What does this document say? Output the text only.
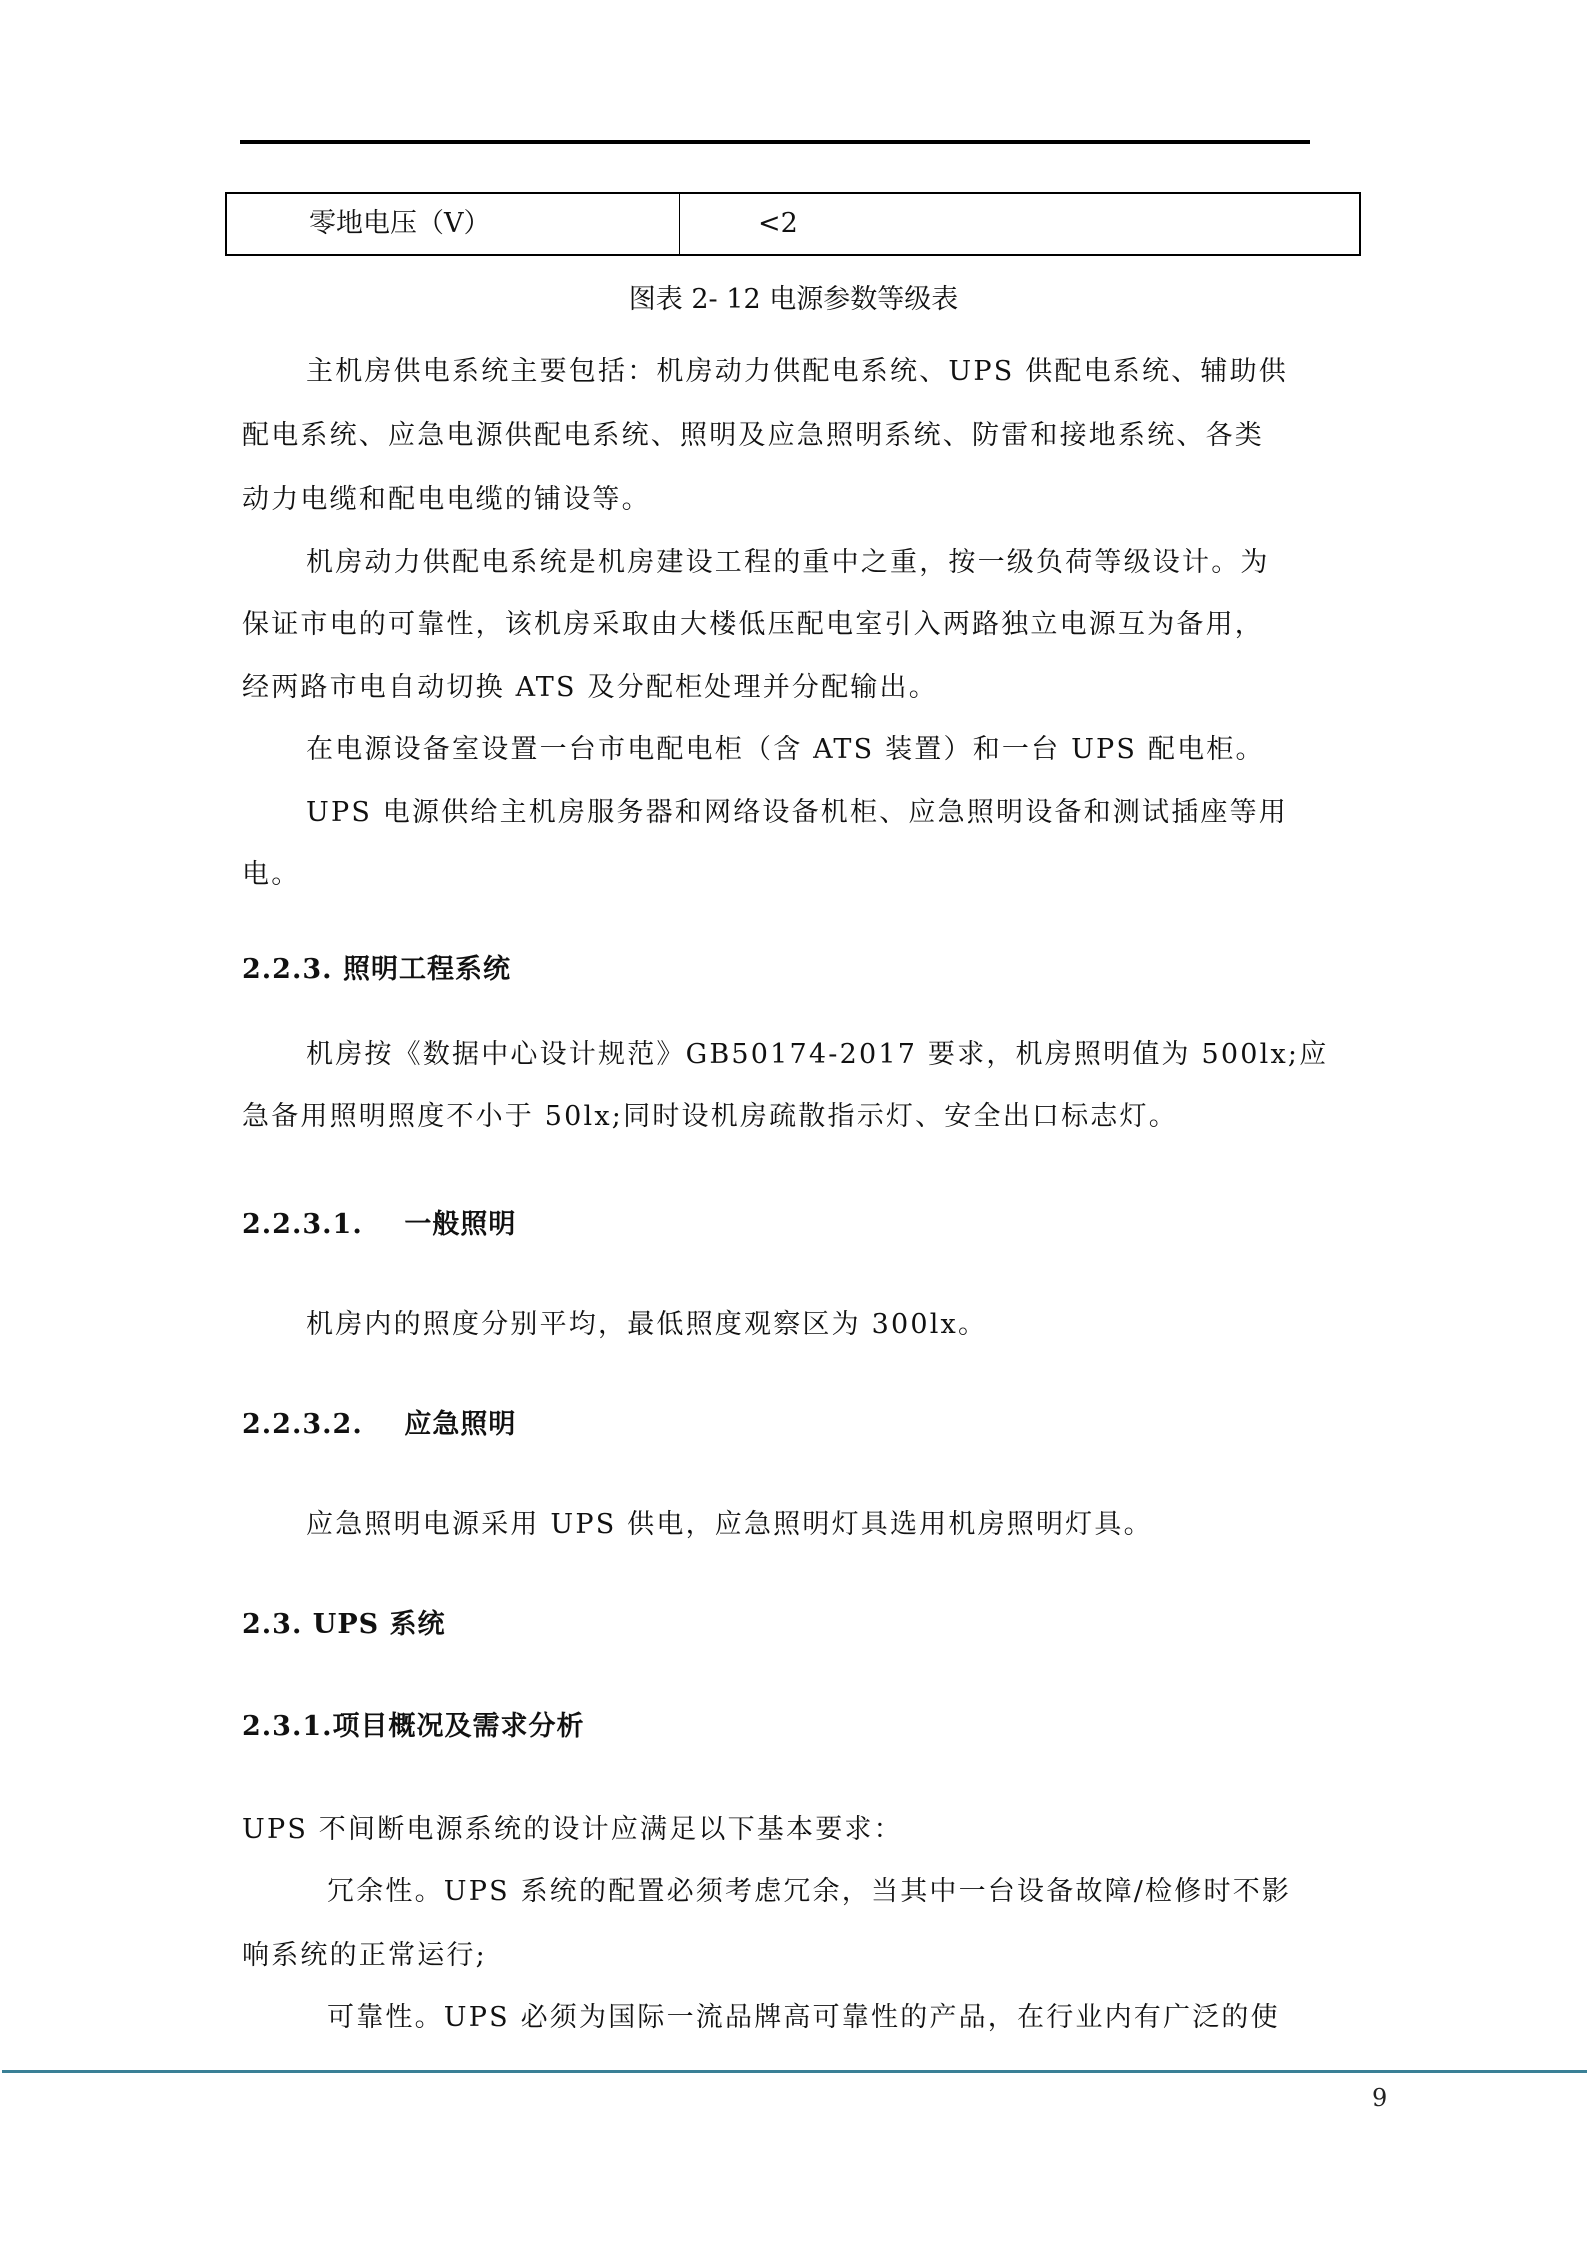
零地电压（V）	<2
图表 2- 12 电源参数等级表
主机房供电系统主要包括：机房动力供配电系统、UPS 供配电系统、辅助供
配电系统、应急电源供配电系统、照明及应急照明系统、防雷和接地系统、各类
动力电缆和配电电缆的铺设等。
机房动力供配电系统是机房建设工程的重中之重，按一级负荷等级设计。为
保证市电的可靠性，该机房采取由大楼低压配电室引入两路独立电源互为备用，
经两路市电自动切换 ATS 及分配柜处理并分配输出。
在电源设备室设置一台市电配电柜（含 ATS 装置）和一台 UPS 配电柜。
UPS 电源供给主机房服务器和网络设备机柜、应急照明设备和测试插座等用
电。
2.2.3. 照明工程系统
机房按《数据中心设计规范》GB50174-2017 要求，机房照明值为 500lx;应
急备用照明照度不小于 50lx;同时设机房疏散指示灯、安全出口标志灯。
2.2.3.1.    一般照明
机房内的照度分别平均，最低照度观察区为 300lx。
2.2.3.2.    应急照明
应急照明电源采用 UPS 供电，应急照明灯具选用机房照明灯具。
2.3. UPS 系统
2.3.1.项目概况及需求分析
UPS 不间断电源系统的设计应满足以下基本要求：
冗余性。UPS 系统的配置必须考虑冗余，当其中一台设备故障/检修时不影
响系统的正常运行;
可靠性。UPS 必须为国际一流品牌高可靠性的产品，在行业内有广泛的使
9
